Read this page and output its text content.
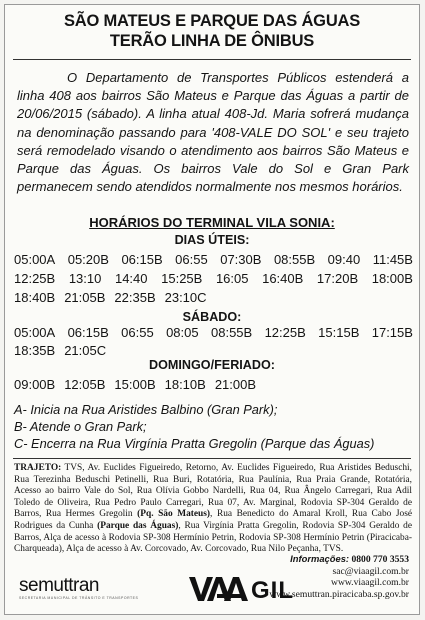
SÃO MATEUS E PARQUE DAS ÁGUAS
TERÃO LINHA DE ÔNIBUS

O Departamento de Transportes Públicos estenderá a linha 408 aos bairros São Mateus e Parque das Águas a partir de 20/06/2015 (sábado). A linha atual 408-Jd. Maria sofrerá mudança na denominação passando para '408-VALE DO SOL' e seu trajeto será remodelado visando o atendimento aos bairros São Mateus e Parque das Águas. Os bairros Vale do Sol e Gran Park permanecem sendo atendidos normalmente nos mesmos horários.

HORÁRIOS DO TERMINAL VILA SONIA:
DIAS ÚTEIS:
05:00A 05:20B 06:15B 06:55 07:30B 08:55B 09:40 11:45B
12:25B 13:10 14:40 15:25B 16:05 16:40B 17:20B 18:00B
18:40B 21:05B 22:35B 23:10C
SÁBADO:
05:00A 06:15B 06:55 08:05 08:55B 12:25B 15:15B 17:15B
18:35B 21:05C
DOMINGO/FERIADO:
09:00B 12:05B 15:00B 18:10B 21:00B
A- Inicia na Rua Aristides Balbino (Gran Park);
B- Atende o Gran Park;
C- Encerra na Rua Virgínia Pratta Gregolin (Parque das Águas)

TRAJETO: TVS, Av. Euclides Figueiredo, Retorno, Av. Euclides Figueiredo, Rua Aristides Beduschi, Rua Terezinha Beduschi Petinelli, Rua Buri, Rotatória, Rua Paulínia, Rua Praia Grande, Rotatória, Acesso ao bairro Vale do Sol, Rua Olívia Gobbo Nardelli, Rua 04, Rua Ângelo Carregari, Rua Adil Toledo de Oliveira, Rua Pedro Paulo Carregari, Rua 07, Av. Marginal, Rodovia SP-304 Geraldo de Barros, Rua Hermes Gregolin (Pq. São Mateus), Rua Benedicto do Amaral Kroll, Rua Cabo José Rodrigues da Cunha (Parque das Águas), Rua Virgínia Pratta Gregolin, Rodovia SP-304 Geraldo de Barros, Alça de acesso à Rodovia SP-308 Hermínio Petrin, Rodovia SP-308 Hermínio Petrin (Piracicaba-Charqueada), Alça de acesso à Av. Corcovado, Av. Corcovado, Rua Nilo Peçanha, TVS.

Informações: 0800 770 3553
sac@viaagil.com.br
www.viaagil.com.br
www.semuttran.piracicaba.sp.gov.br
semuttran
SECRETARIA MUNICIPAL DE TRÂNSITO E TRANSPORTES	GIL
